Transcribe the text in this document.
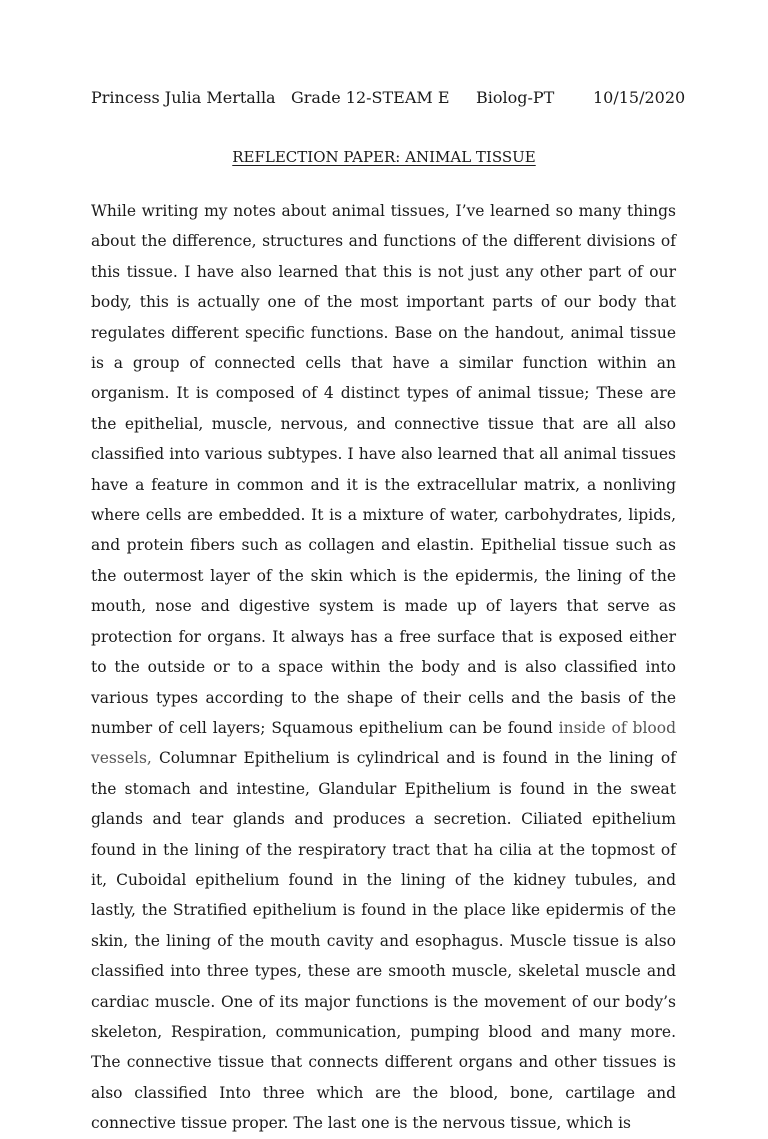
Princess Julia Mertalla Grade 12-STEAM E Biolog-PT 10/15/2020
REFLECTION PAPER: ANIMAL TISSUE
While writing my notes about animal tissues, I’ve learned so many things about the difference, structures and functions of the different divisions of this tissue. I have also learned that this is not just any other part of our body, this is actually one of the most important parts of our body that regulates different specific functions. Base on the handout, animal tissue is a group of connected cells that have a similar function within an organism. It is composed of 4 distinct types of animal tissue; These are the epithelial, muscle, nervous, and connective tissue that are all also classified into various subtypes. I have also learned that all animal tissues have a feature in common and it is the extracellular matrix, a nonliving where cells are embedded. It is a mixture of water, carbohydrates, lipids, and protein fibers such as collagen and elastin. Epithelial tissue such as the outermost layer of the skin which is the epidermis, the lining of the mouth, nose and digestive system is made up of layers that serve as protection for organs. It always has a free surface that is exposed either to the outside or to a space within the body and is also classified into various types according to the shape of their cells and the basis of the number of cell layers; Squamous epithelium can be found inside of blood vessels, Columnar Epithelium is cylindrical and is found in the lining of the stomach and intestine, Glandular Epithelium is found in the sweat glands and tear glands and produces a secretion. Ciliated epithelium found in the lining of the respiratory tract that ha cilia at the topmost of it, Cuboidal epithelium found in the lining of the kidney tubules, and lastly, the Stratified epithelium is found in the place like epidermis of the skin, the lining of the mouth cavity and esophagus. Muscle tissue is also classified into three types, these are smooth muscle, skeletal muscle and cardiac muscle. One of its major functions is the movement of our body’s skeleton, Respiration, communication, pumping blood and many more. The connective tissue that connects different organs and other tissues is also classified Into three which are the blood, bone, cartilage and connective tissue proper. The last one is the nervous tissue, which is
